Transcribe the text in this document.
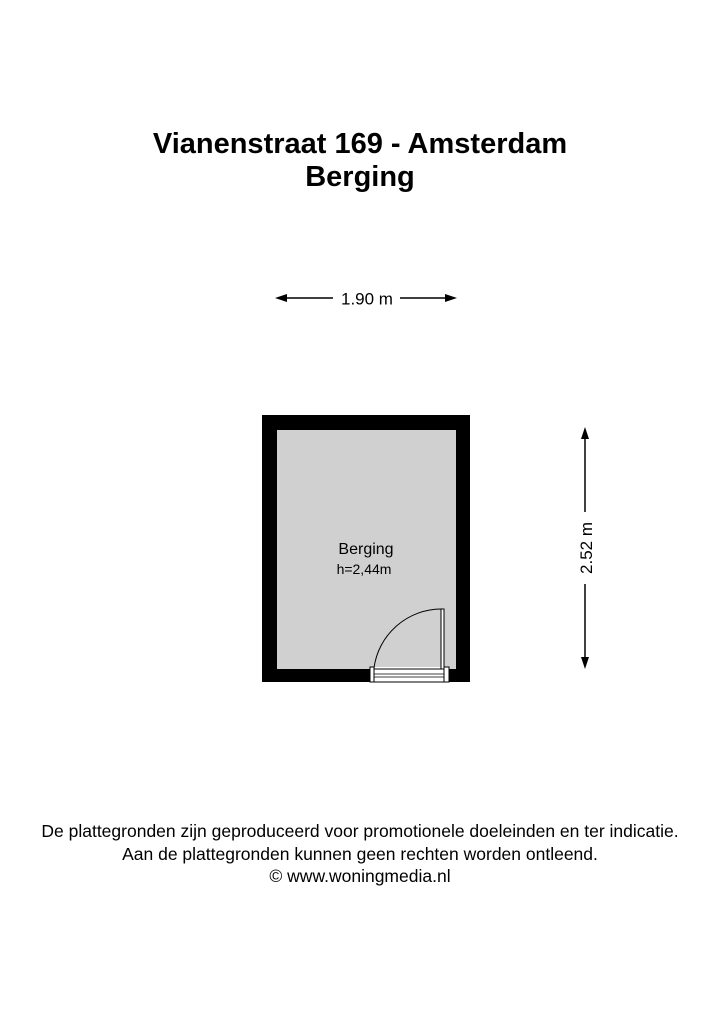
Vianenstraat 169 - Amsterdam
Berging
1.90 m
2.52 m
Berging
h=2,44m
De plattegronden zijn geproduceerd voor promotionele doeleinden en ter indicatie.
Aan de plattegronden kunnen geen rechten worden ontleend.
© www.woningmedia.nl
